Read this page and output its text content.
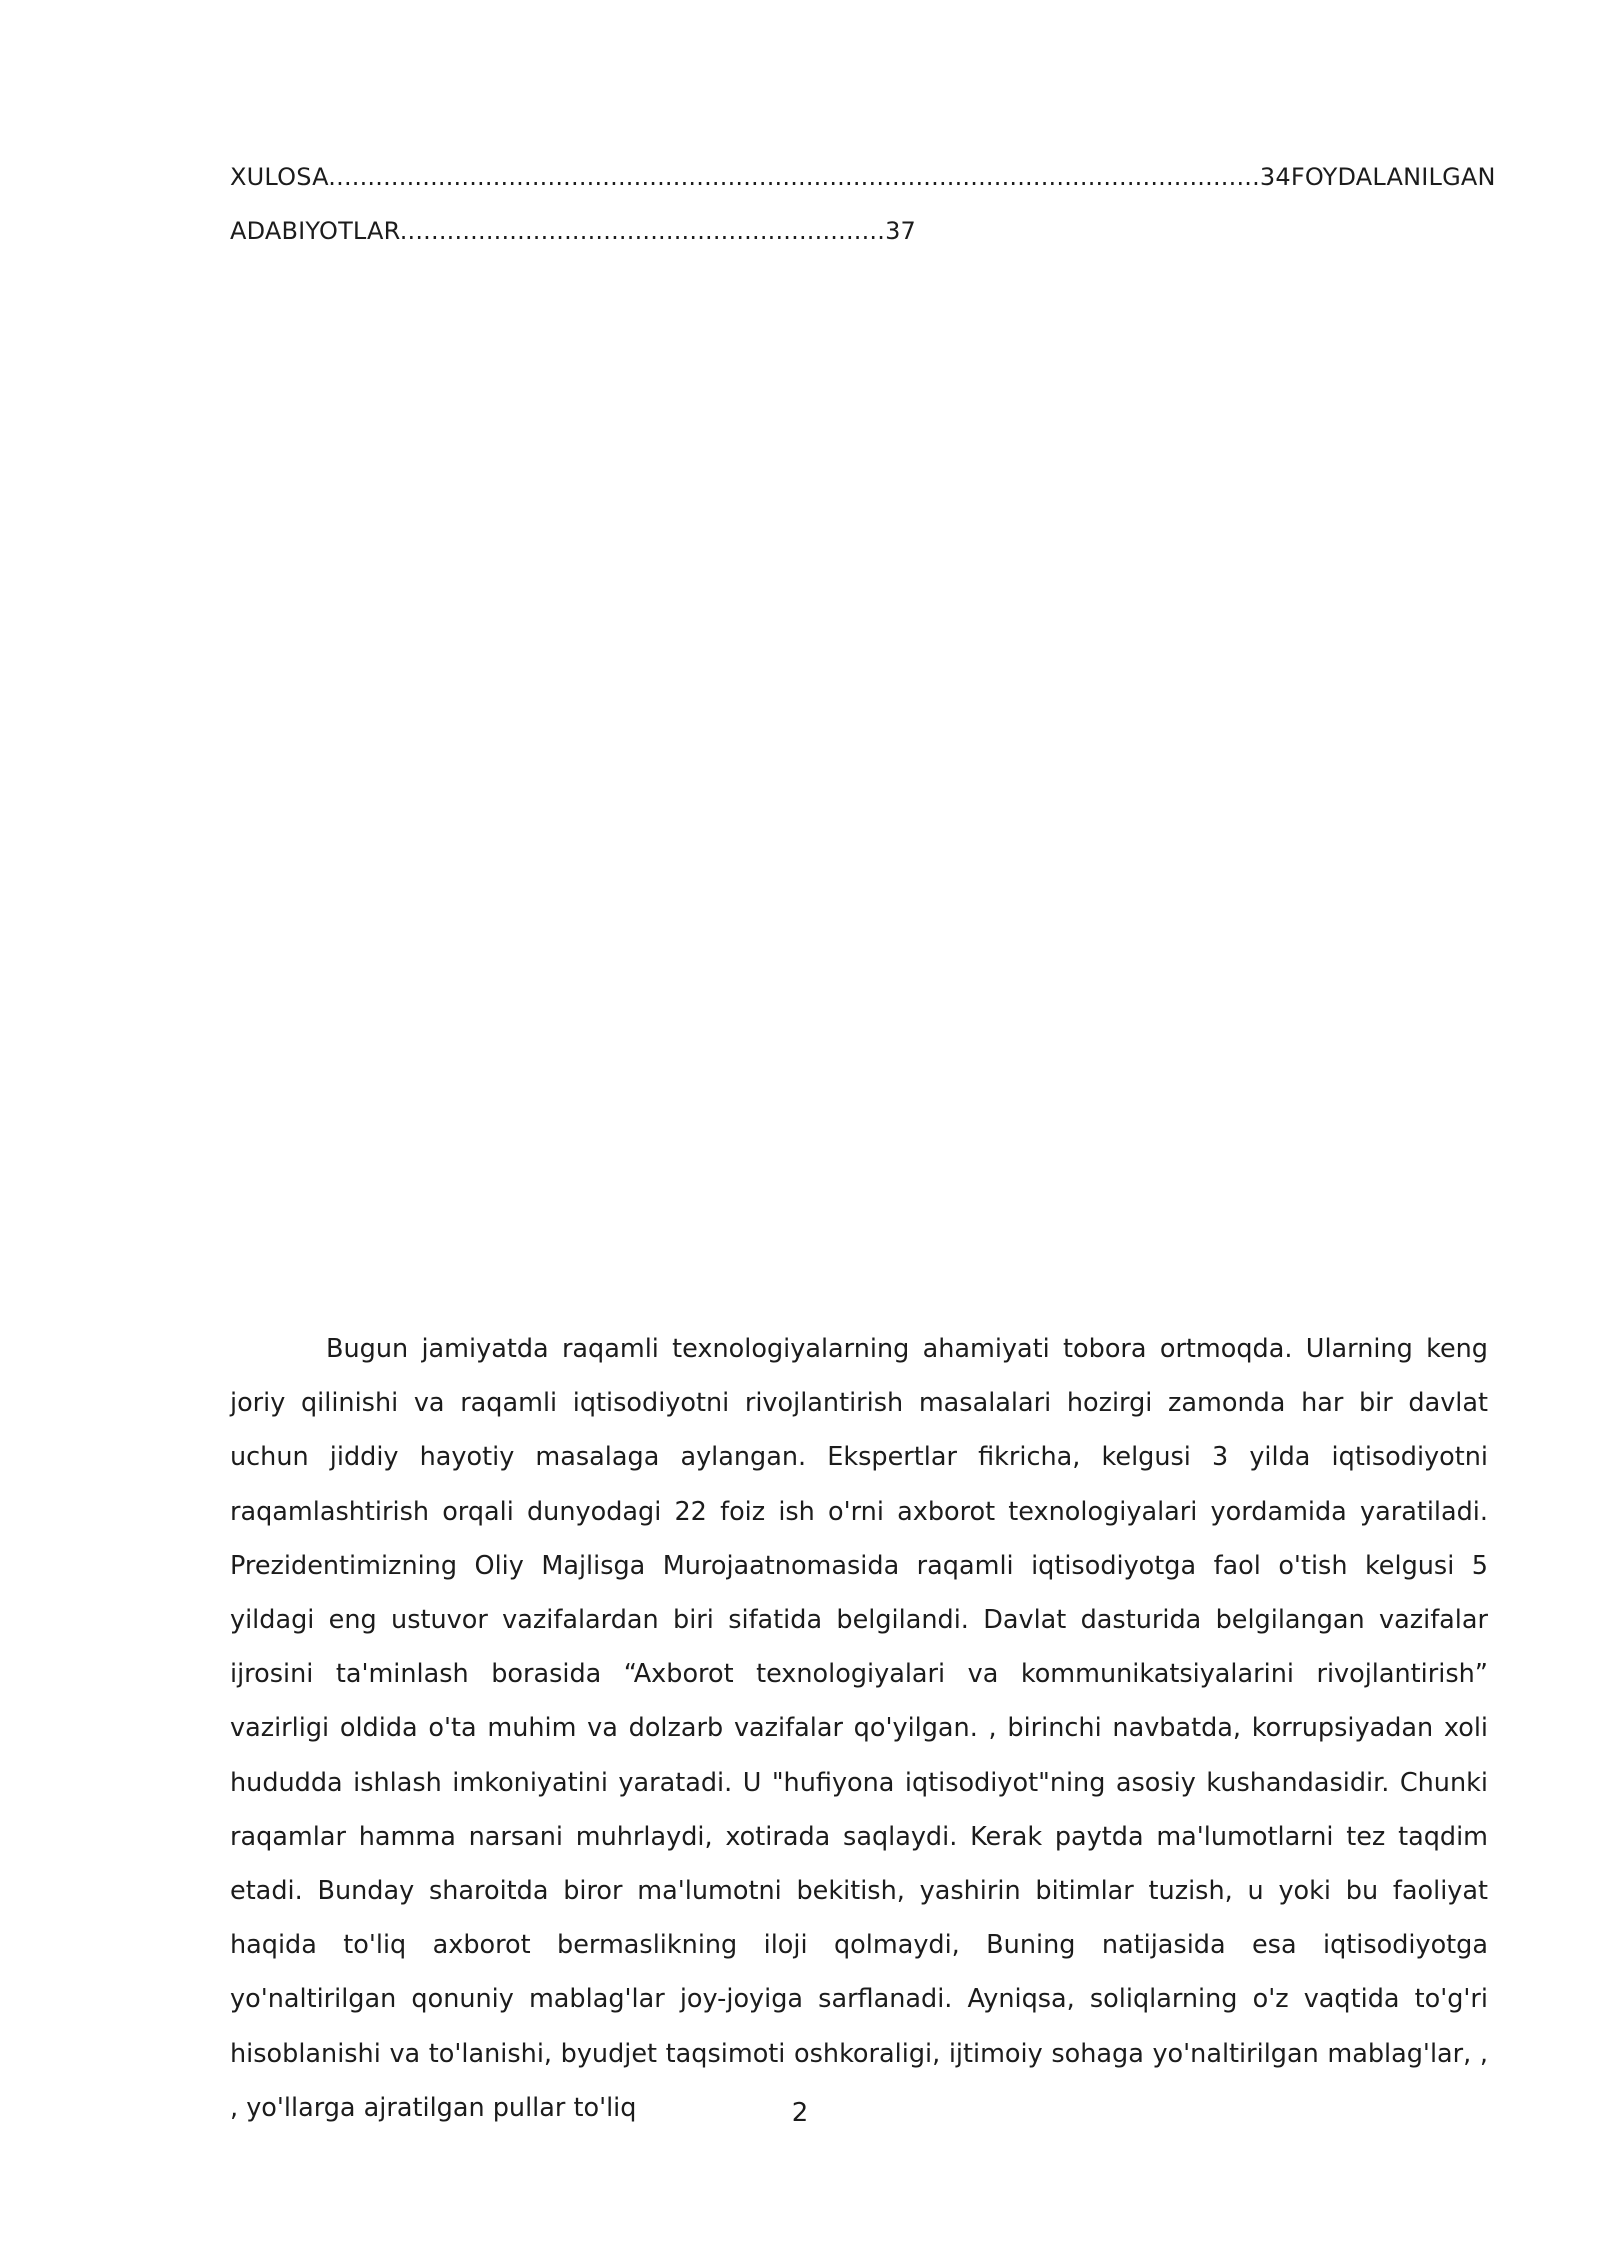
XULOSA.......................................................................................................................34FOYDALANILGAN
ADABIYOTLAR..............................................................37

Bugun jamiyatda raqamli texnologiyalarning ahamiyati tobora ortmoqda. Ularning keng joriy qilinishi va raqamli iqtisodiyotni rivojlantirish masalalari hozirgi zamonda har bir davlat uchun jiddiy hayotiy masalaga aylangan. Ekspertlar fikricha, kelgusi 3 yilda iqtisodiyotni raqamlashtirish orqali dunyodagi 22 foiz ish o'rni axborot texnologiyalari yordamida yaratiladi. Prezidentimizning Oliy Majlisga Murojaatnomasida raqamli iqtisodiyotga faol o'tish kelgusi 5 yildagi eng ustuvor vazifalardan biri sifatida belgilandi. Davlat dasturida belgilangan vazifalar ijrosini ta'minlash borasida “Axborot texnologiyalari va kommunikatsiyalarini rivojlantirish” vazirligi oldida o'ta muhim va dolzarb vazifalar qo'yilgan. , birinchi navbatda, korrupsiyadan xoli hududda ishlash imkoniyatini yaratadi. U "hufiyona iqtisodiyot"ning asosiy kushandasidir. Chunki raqamlar hamma narsani muhrlaydi, xotirada saqlaydi. Kerak paytda ma'lumotlarni tez taqdim etadi. Bunday sharoitda biror ma'lumotni bekitish, yashirin bitimlar tuzish, u yoki bu faoliyat haqida to'liq axborot bermaslikning iloji qolmaydi, Buning natijasida esa iqtisodiyotga yo'naltirilgan qonuniy mablag'lar joy-joyiga sarflanadi. Ayniqsa, soliqlarning o'z vaqtida to'g'ri hisoblanishi va to'lanishi, byudjet taqsimoti oshkoraligi, ijtimoiy sohaga yo'naltirilgan mablag'lar, , , yo'llarga ajratilgan pullar to'liq	2
